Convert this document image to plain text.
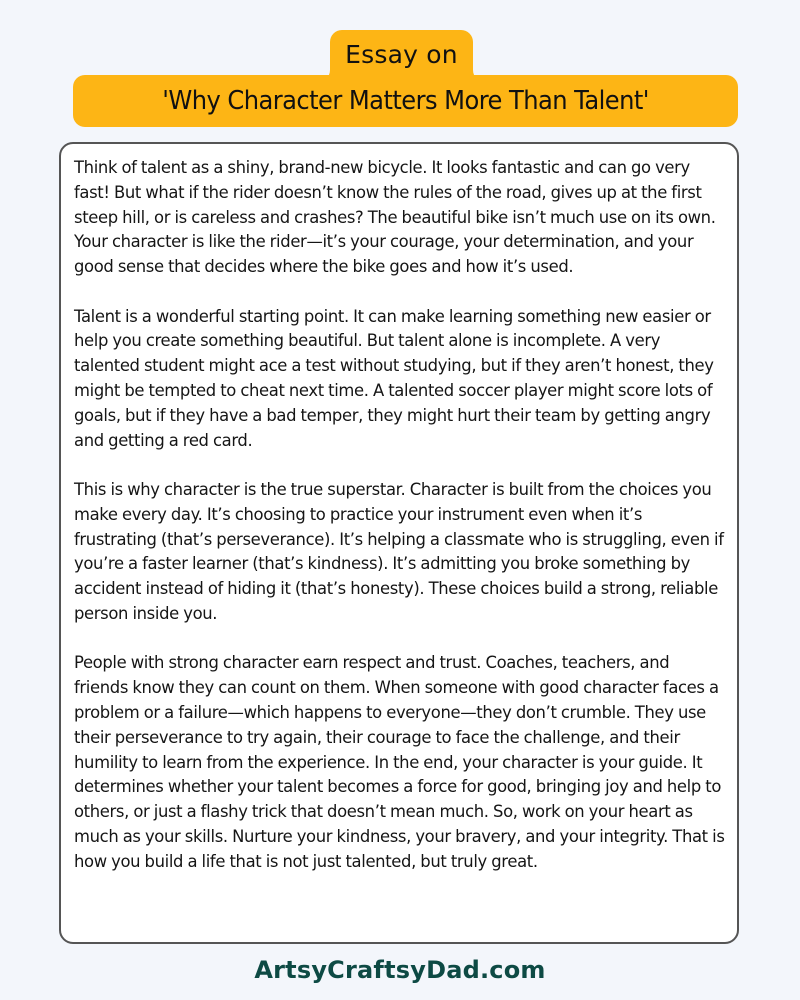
Essay on
'Why Character Matters More Than Talent'

Think of talent as a shiny, brand-new bicycle. It looks fantastic and can go very fast! But what if the rider doesn’t know the rules of the road, gives up at the first steep hill, or is careless and crashes? The beautiful bike isn’t much use on its own. Your character is like the rider—it’s your courage, your determination, and your good sense that decides where the bike goes and how it’s used.

Talent is a wonderful starting point. It can make learning something new easier or help you create something beautiful. But talent alone is incomplete. A very talented student might ace a test without studying, but if they aren’t honest, they might be tempted to cheat next time. A talented soccer player might score lots of goals, but if they have a bad temper, they might hurt their team by getting angry and getting a red card.

This is why character is the true superstar. Character is built from the choices you make every day. It’s choosing to practice your instrument even when it’s frustrating (that’s perseverance). It’s helping a classmate who is struggling, even if you’re a faster learner (that’s kindness). It’s admitting you broke something by accident instead of hiding it (that’s honesty). These choices build a strong, reliable person inside you.

People with strong character earn respect and trust. Coaches, teachers, and friends know they can count on them. When someone with good character faces a problem or a failure—which happens to everyone—they don’t crumble. They use their perseverance to try again, their courage to face the challenge, and their humility to learn from the experience. In the end, your character is your guide. It determines whether your talent becomes a force for good, bringing joy and help to others, or just a flashy trick that doesn’t mean much. So, work on your heart as much as your skills. Nurture your kindness, your bravery, and your integrity. That is how you build a life that is not just talented, but truly great.

ArtsyCraftsyDad.com
